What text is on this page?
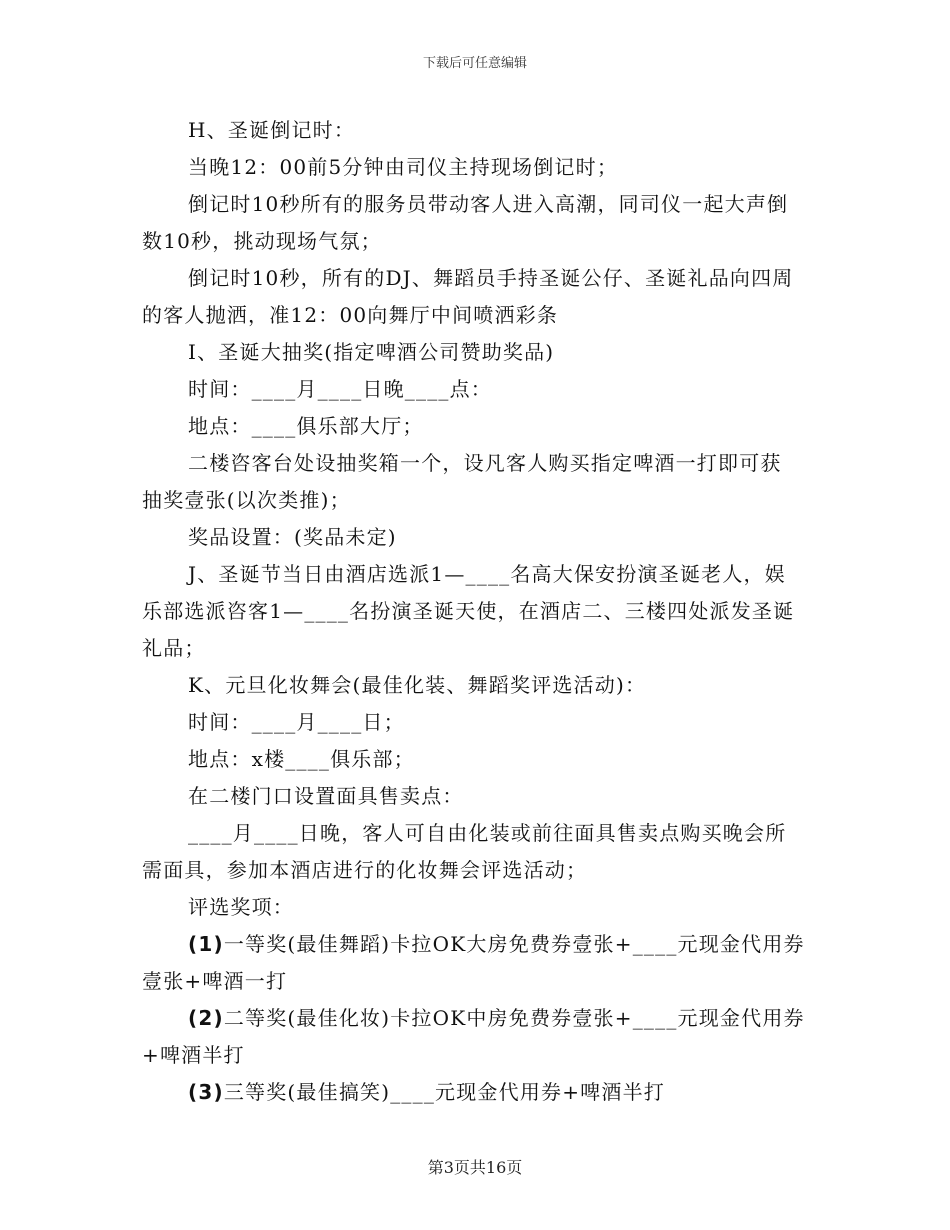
下载后可任意编辑

H、圣诞倒记时：

当晚12：00前5分钟由司仪主持现场倒记时；

倒记时10秒所有的服务员带动客人进入高潮，同司仪一起大声倒

数10秒，挑动现场气氛；

倒记时10秒，所有的DJ、舞蹈员手持圣诞公仔、圣诞礼品向四周

的客人抛洒，准12：00向舞厅中间喷洒彩条

I、圣诞大抽奖(指定啤酒公司赞助奖品)

时间：____月____日晚____点：

地点：____俱乐部大厅；

二楼咨客台处设抽奖箱一个，设凡客人购买指定啤酒一打即可获

抽奖壹张(以次类推)；

奖品设置：(奖品未定)

J、圣诞节当日由酒店选派1—____名高大保安扮演圣诞老人，娱

乐部选派咨客1—____名扮演圣诞天使，在酒店二、三楼四处派发圣诞

礼品；

K、元旦化妆舞会(最佳化装、舞蹈奖评选活动)：

时间：____月____日；

地点：x楼____俱乐部；

在二楼门口设置面具售卖点：

____月____日晚，客人可自由化装或前往面具售卖点购买晚会所

需面具，参加本酒店进行的化妆舞会评选活动；

评选奖项：

(1)一等奖(最佳舞蹈)卡拉OK大房免费券壹张+____元现金代用券

壹张+啤酒一打

(2)二等奖(最佳化妆)卡拉OK中房免费券壹张+____元现金代用券

+啤酒半打

(3)三等奖(最佳搞笑)____元现金代用券+啤酒半打

第3页共16页
